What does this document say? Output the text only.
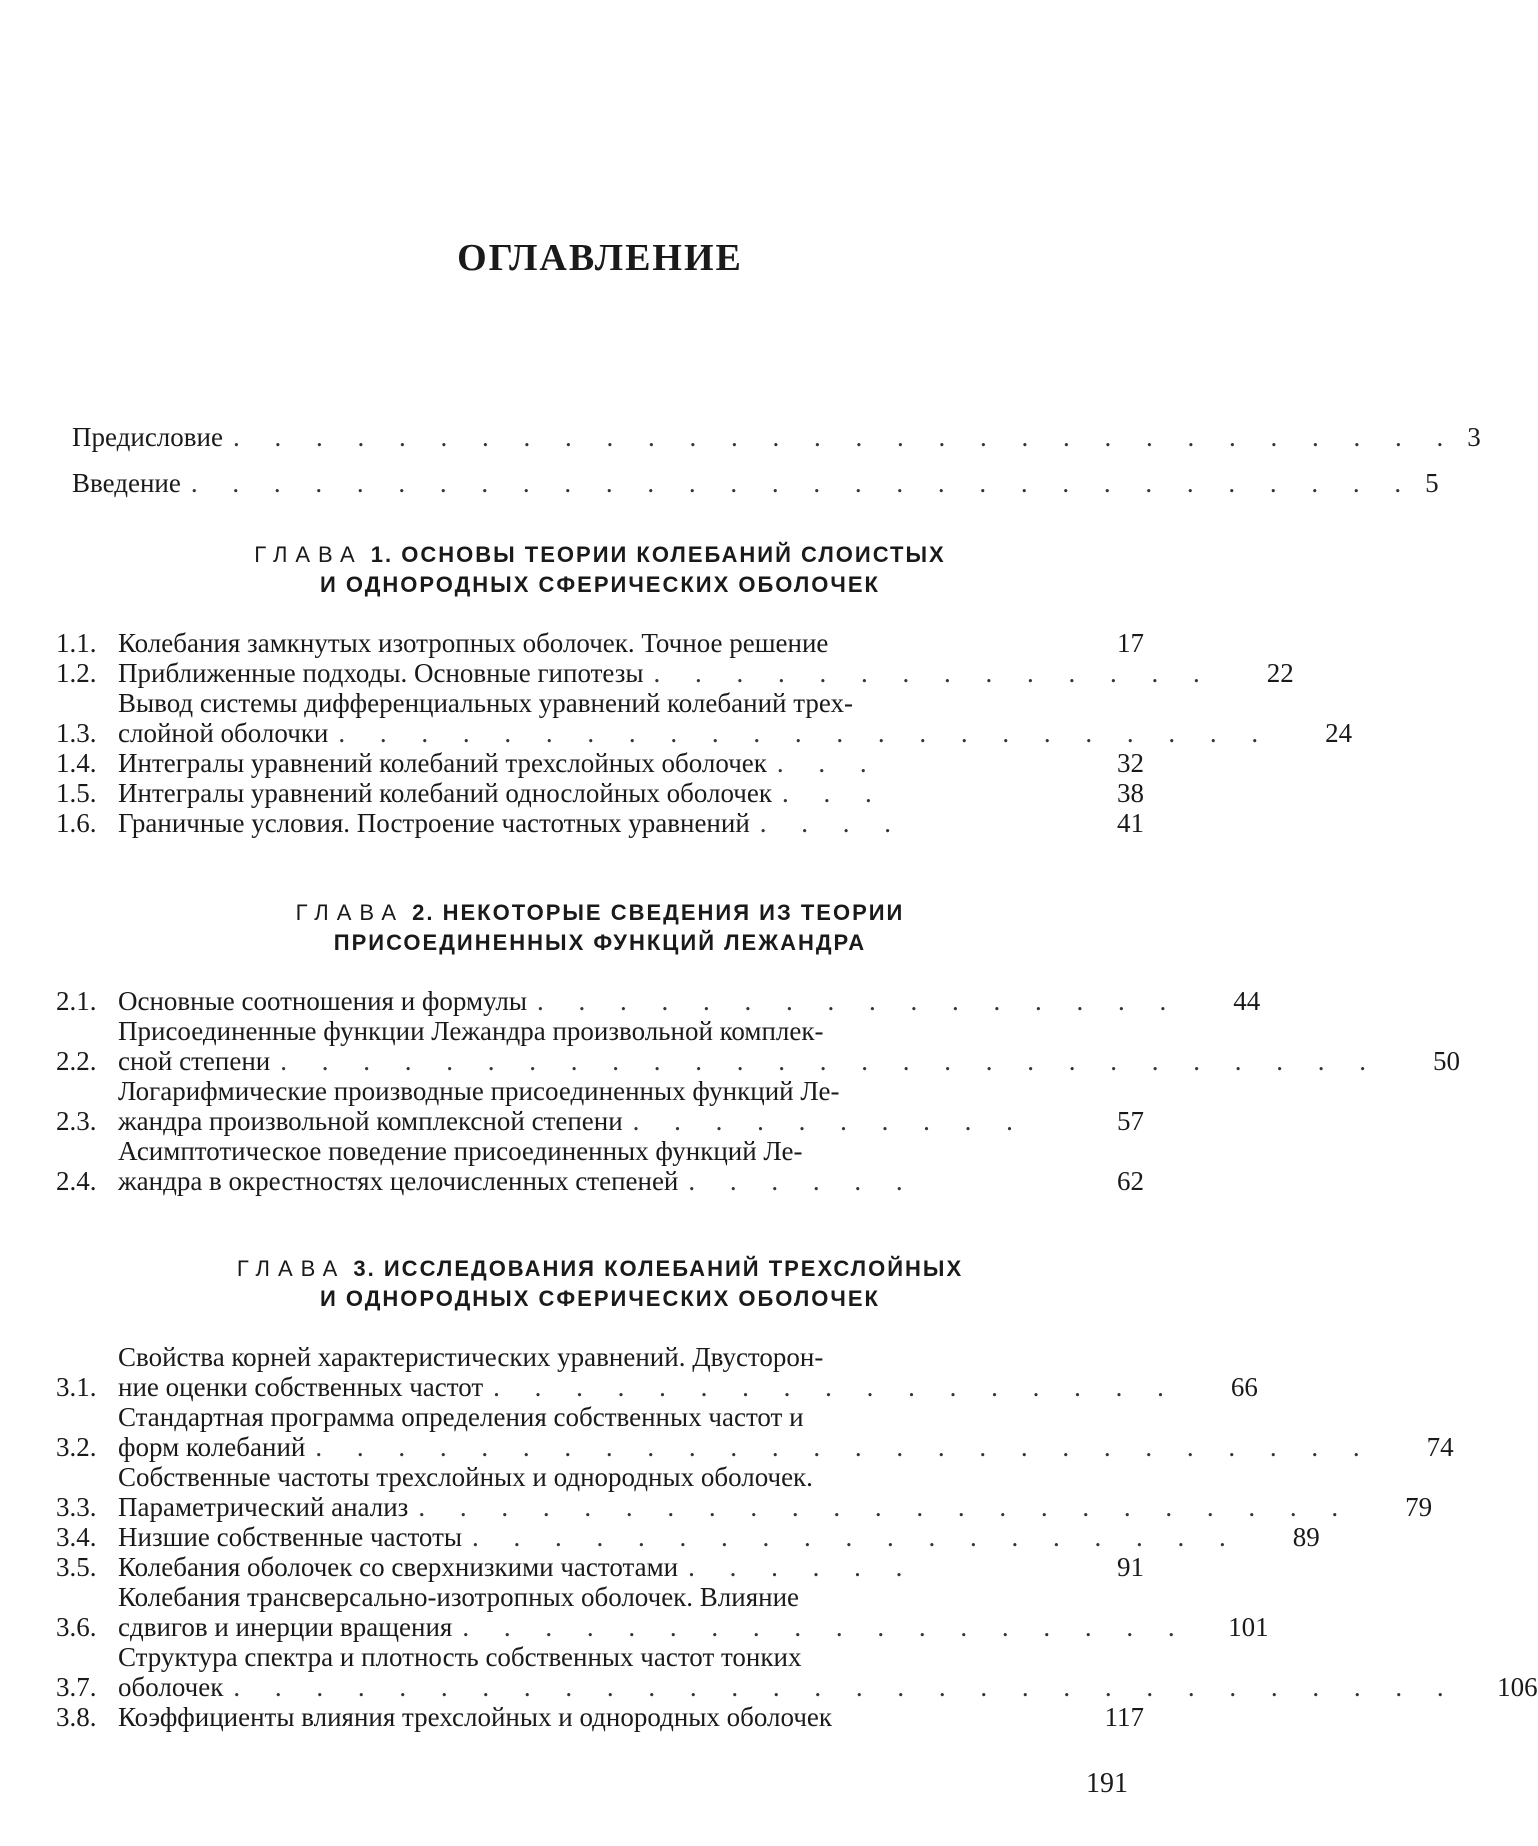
ОГЛАВЛЕНИЕ
Предисловие . . . . . . . . . . . . . . . . . . . . . . . . . . . . . . 3
Введение . . . . . . . . . . . . . . . . . . . . . . . . . . . . . . 5
ГЛАВА 1. ОСНОВЫ ТЕОРИИ КОЛЕБАНИЙ СЛОИСТЫХ
И ОДНОРОДНЫХ СФЕРИЧЕСКИХ ОБОЛОЧЕК
1.1. Колебания замкнутых изотропных оболочек. Точное решение	17
1.2. Приближенные подходы. Основные гипотезы . . . . . . . . . . . . . .	22
1.3.
Вывод системы дифференциальных уравнений колебаний трех-
слойной оболочки . . . . . . . . . . . . . . . . . . . . . . .	24
1.4. Интегралы уравнений колебаний трехслойных оболочек . . .	32
1.5. Интегралы уравнений колебаний однослойных оболочек . . .	38
1.6. Граничные условия. Построение частотных уравнений . . . .	41
ГЛАВА 2. НЕКОТОРЫЕ СВЕДЕНИЯ ИЗ ТЕОРИИ
ПРИСОЕДИНЕННЫХ ФУНКЦИЙ ЛЕЖАНДРА
2.1. Основные соотношения и формулы . . . . . . . . . . . . . . . .	44
2.2.
Присоединенные функции Лежандра произвольной комплек-
сной степени . . . . . . . . . . . . . . . . . . . . . . . . . . .	50
2.3.
Логарифмические производные присоединенных функций Ле-
жандра произвольной комплексной степени . . . . . . . . . .	57
2.4.
Асимптотическое поведение присоединенных функций Ле-
жандра в окрестностях целочисленных степеней . . . . . .	62
ГЛАВА 3. ИССЛЕДОВАНИЯ КОЛЕБАНИЙ ТРЕХСЛОЙНЫХ
И ОДНОРОДНЫХ СФЕРИЧЕСКИХ ОБОЛОЧЕК
3.1.
Свойства корней характеристических уравнений. Двусторон-
ние оценки собственных частот . . . . . . . . . . . . . . . . .	66
3.2.
Стандартная программа определения собственных частот и
форм колебаний . . . . . . . . . . . . . . . . . . . . . . . . . .	74
3.3.
Собственные частоты трехслойных и однородных оболочек.
Параметрический анализ . . . . . . . . . . . . . . . . . . . . . . .	79
3.4. Низшие собственные частоты . . . . . . . . . . . . . . . . . . .	89
3.5. Колебания оболочек со сверхнизкими частотами . . . . . .	91
3.6.
Колебания трансверсально-изотропных оболочек. Влияние
сдвигов и инерции вращения . . . . . . . . . . . . . . . . . .	101
3.7.
Структура спектра и плотность собственных частот тонких
оболочек . . . . . . . . . . . . . . . . . . . . . . . . . . . . . .	106
3.8. Коэффициенты влияния трехслойных и однородных оболочек	117
191
